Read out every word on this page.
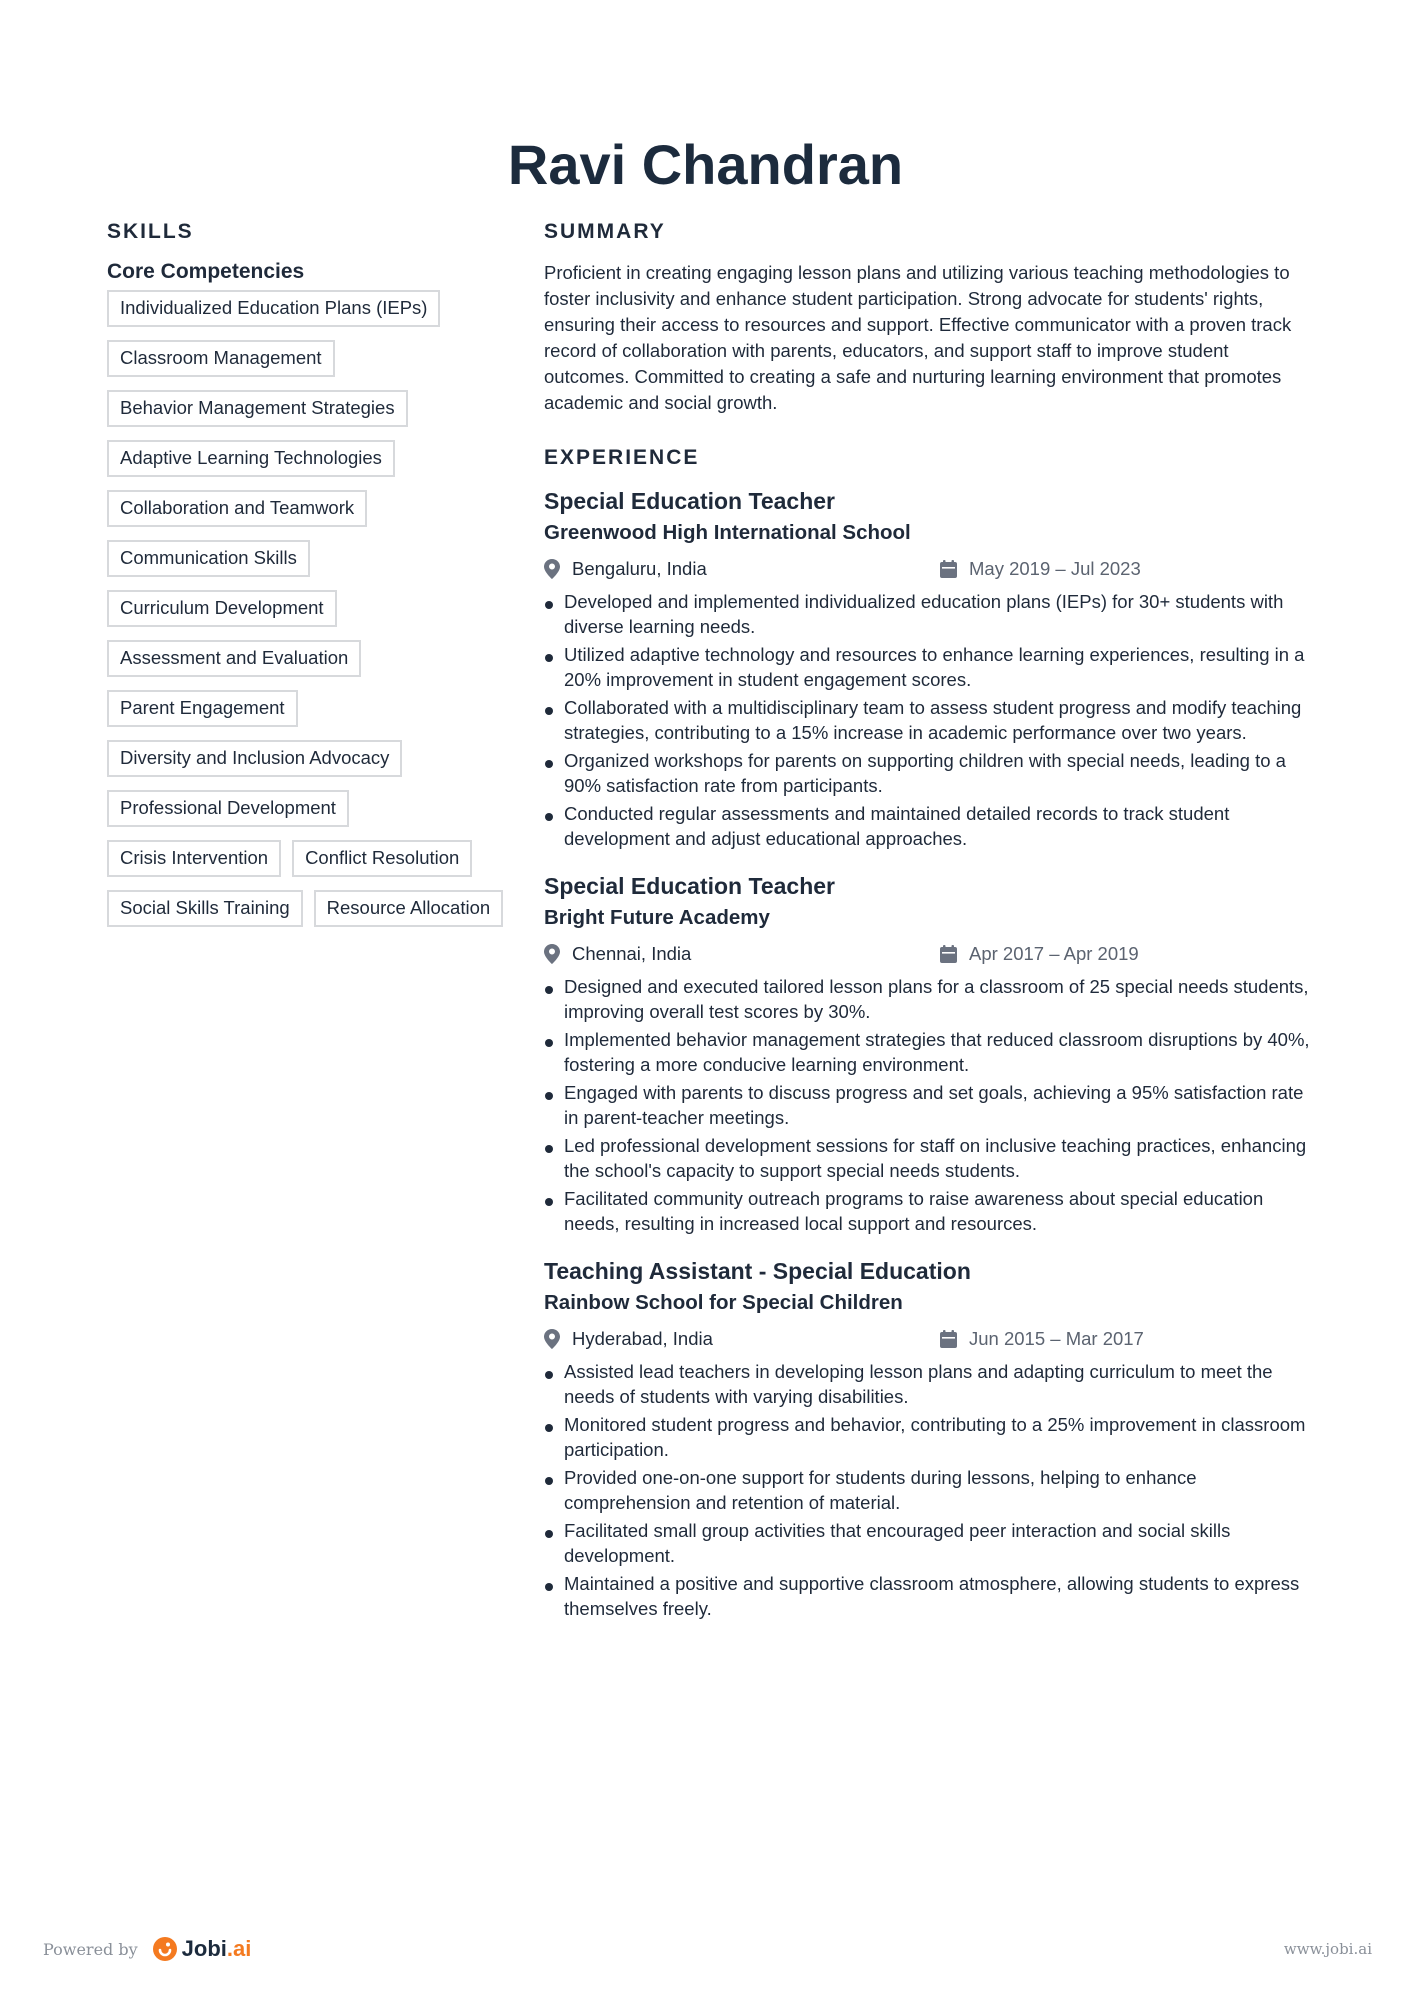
Ravi Chandran
SKILLS
Core Competencies
Individualized Education Plans (IEPs)
Classroom Management
Behavior Management Strategies
Adaptive Learning Technologies
Collaboration and Teamwork
Communication Skills
Curriculum Development
Assessment and Evaluation
Parent Engagement
Diversity and Inclusion Advocacy
Professional Development
Crisis Intervention	Conflict Resolution
Social Skills Training	Resource Allocation
SUMMARY

Proficient in creating engaging lesson plans and utilizing various teaching methodologies to foster inclusivity and enhance student participation. Strong advocate for students' rights, ensuring their access to resources and support. Effective communicator with a proven track record of collaboration with parents, educators, and support staff to improve student outcomes. Committed to creating a safe and nurturing learning environment that promotes academic and social growth.

EXPERIENCE
Special Education Teacher
Greenwood High International School
Bengaluru, India	May 2019 – Jul 2023
Developed and implemented individualized education plans (IEPs) for 30+ students with diverse learning needs.
Utilized adaptive technology and resources to enhance learning experiences, resulting in a 20% improvement in student engagement scores.
Collaborated with a multidisciplinary team to assess student progress and modify teaching strategies, contributing to a 15% increase in academic performance over two years.
Organized workshops for parents on supporting children with special needs, leading to a 90% satisfaction rate from participants.
Conducted regular assessments and maintained detailed records to track student development and adjust educational approaches.
Special Education Teacher
Bright Future Academy
Chennai, India	Apr 2017 – Apr 2019
Designed and executed tailored lesson plans for a classroom of 25 special needs students, improving overall test scores by 30%.
Implemented behavior management strategies that reduced classroom disruptions by 40%, fostering a more conducive learning environment.
Engaged with parents to discuss progress and set goals, achieving a 95% satisfaction rate in parent-teacher meetings.
Led professional development sessions for staff on inclusive teaching practices, enhancing the school's capacity to support special needs students.
Facilitated community outreach programs to raise awareness about special education needs, resulting in increased local support and resources.
Teaching Assistant - Special Education
Rainbow School for Special Children
Hyderabad, India	Jun 2015 – Mar 2017
Assisted lead teachers in developing lesson plans and adapting curriculum to meet the needs of students with varying disabilities.
Monitored student progress and behavior, contributing to a 25% improvement in classroom participation.
Provided one-on-one support for students during lessons, helping to enhance comprehension and retention of material.
Facilitated small group activities that encouraged peer interaction and social skills development.
Maintained a positive and supportive classroom atmosphere, allowing students to express themselves freely.
Powered by Jobi .ai	www.jobi.ai
